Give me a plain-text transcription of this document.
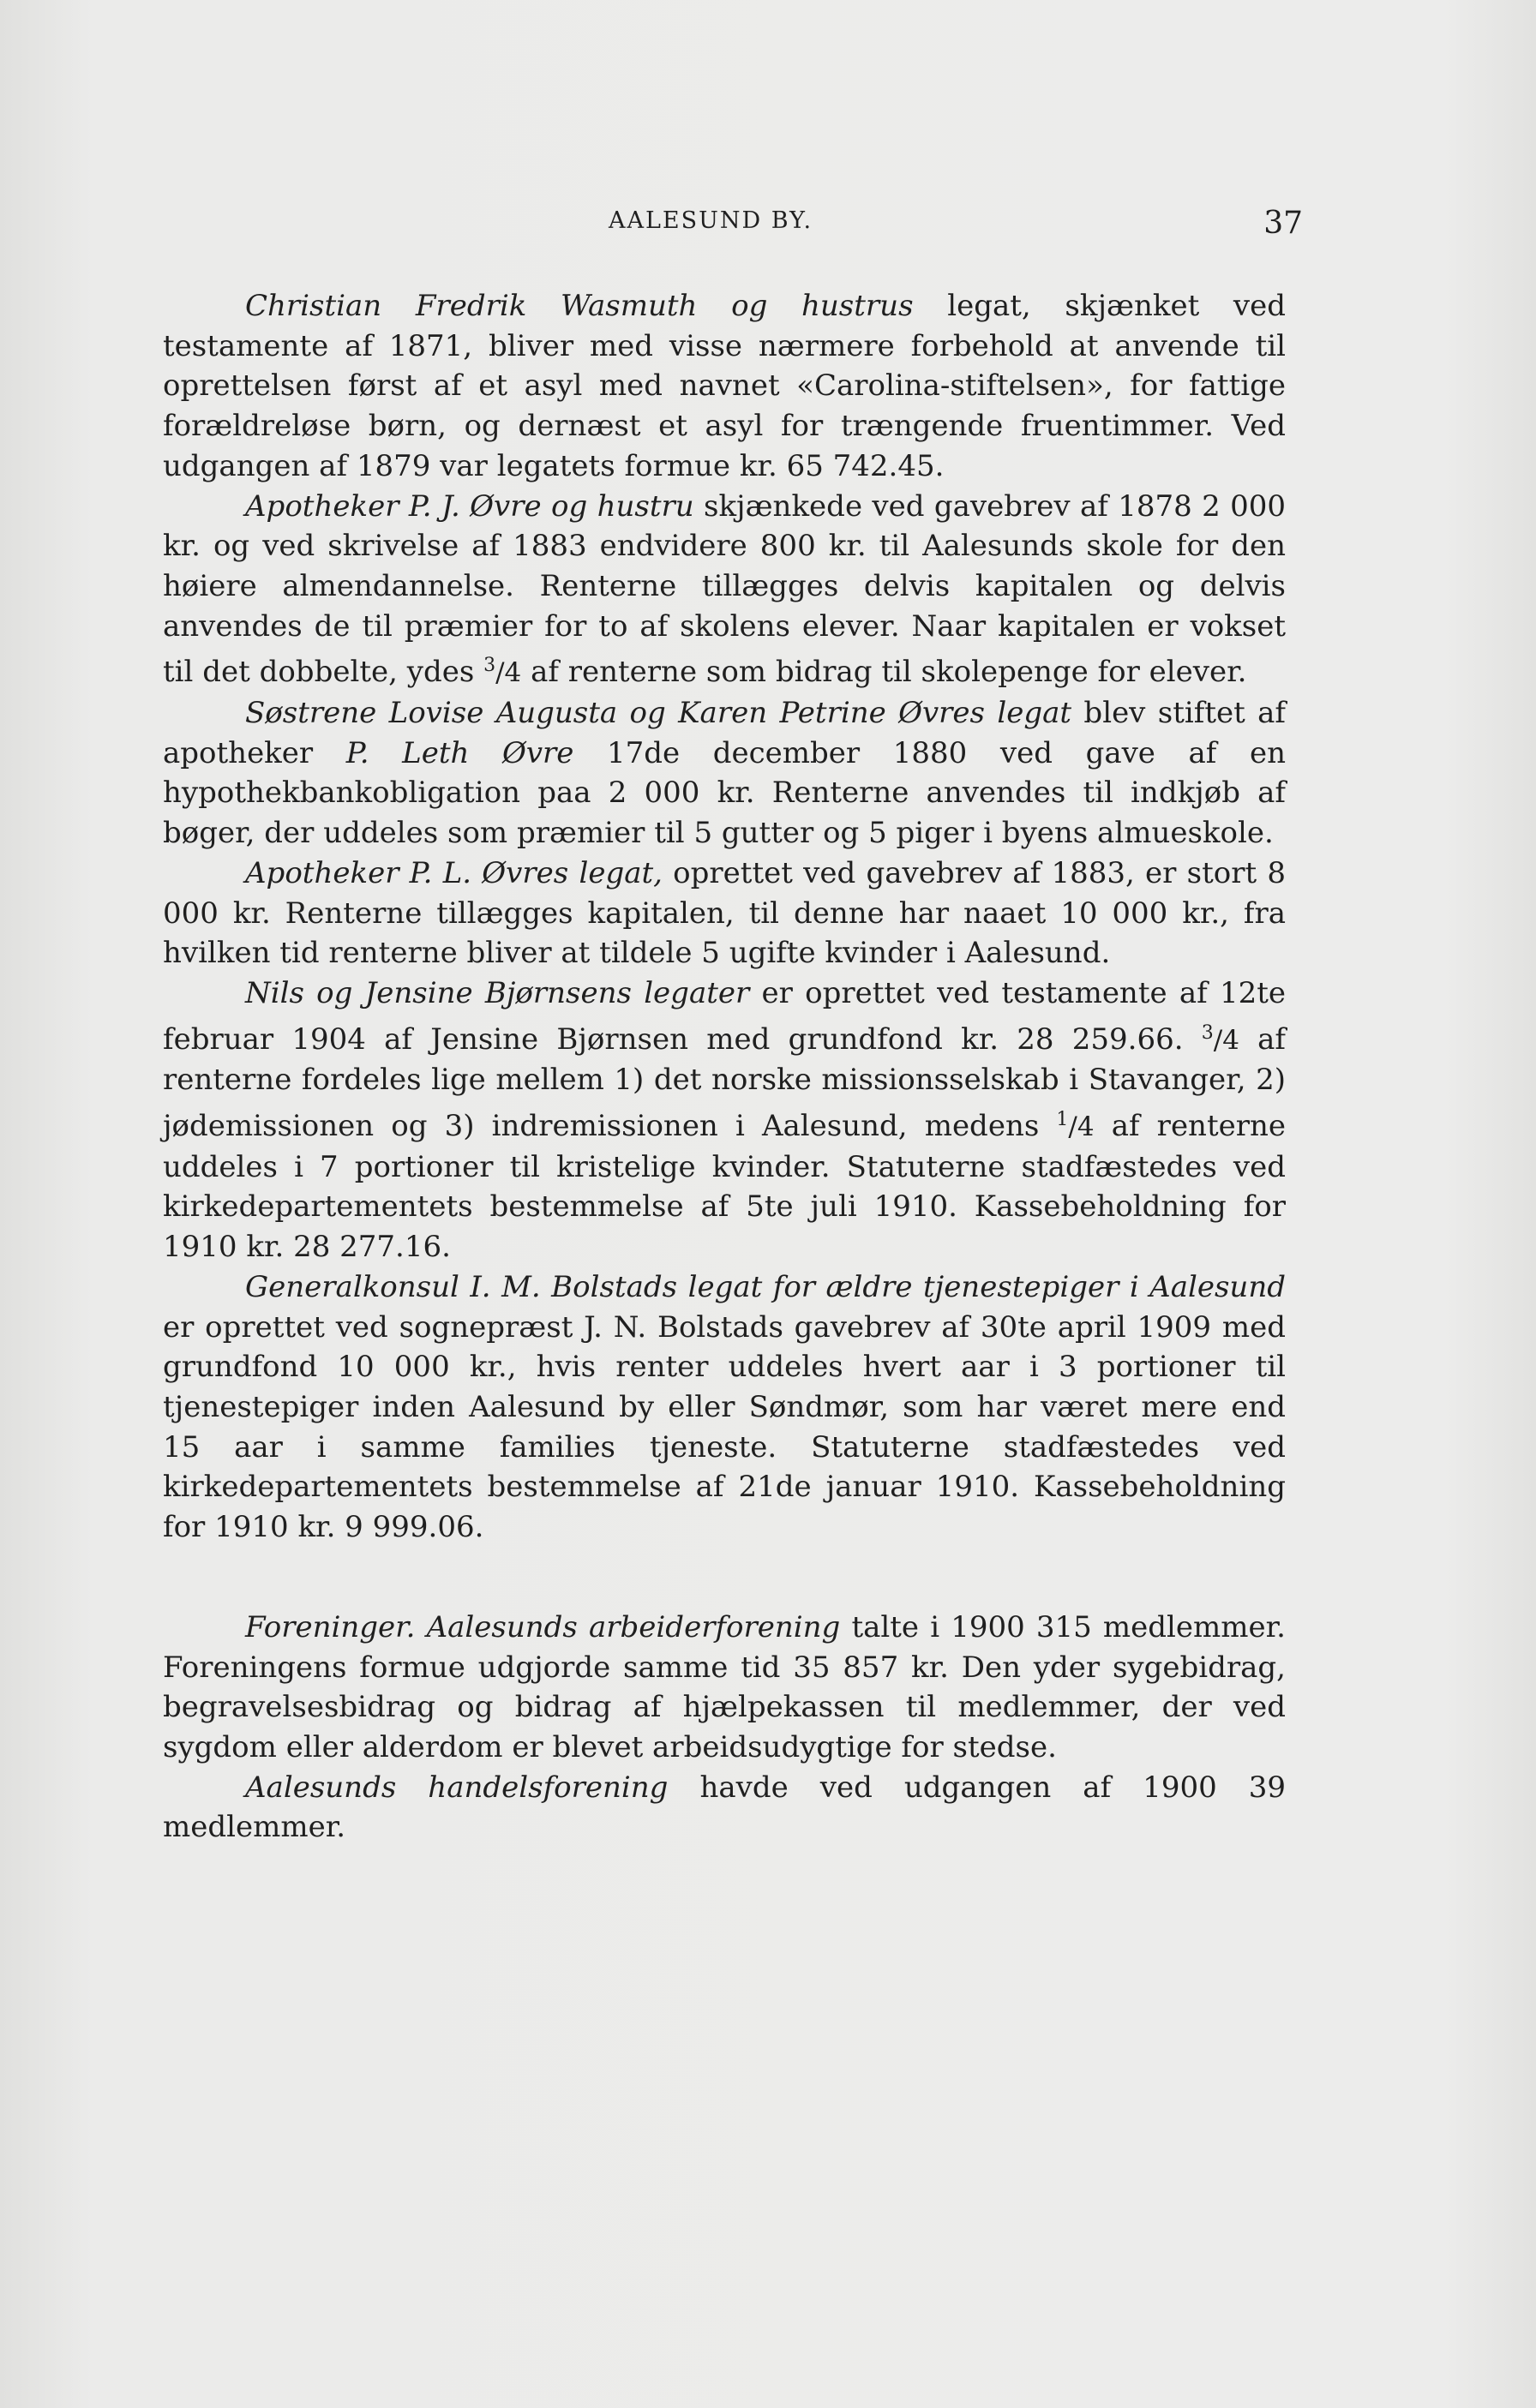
AALESUND BY.	37

Christian Fredrik Wasmuth og hustrus legat, skjænket ved testamente af 1871, bliver med visse nærmere forbehold at anvende til oprettelsen først af et asyl med navnet «Carolina-stiftelsen», for fattige forældreløse børn, og dernæst et asyl for trængende fruentimmer. Ved udgangen af 1879 var legatets formue kr. 65 742.45.

Apotheker P. J. Øvre og hustru skjænkede ved gavebrev af 1878 2 000 kr. og ved skrivelse af 1883 endvidere 800 kr. til Aalesunds skole for den høiere almendannelse. Renterne tillægges delvis kapitalen og delvis anvendes de til præmier for to af skolens elever. Naar kapitalen er vokset til det dobbelte, ydes $^3$/4 af renterne som bidrag til skolepenge for elever.

Søstrene Lovise Augusta og Karen Petrine Øvres legat blev stiftet af apotheker P. Leth Øvre 17de december 1880 ved gave af en hypothekbankobligation paa 2 000 kr. Renterne anvendes til indkjøb af bøger, der uddeles som præmier til 5 gutter og 5 piger i byens almueskole.

Apotheker P. L. Øvres legat, oprettet ved gavebrev af 1883, er stort 8 000 kr. Renterne tillægges kapitalen, til denne har naaet 10 000 kr., fra hvilken tid renterne bliver at tildele 5 ugifte kvinder i Aalesund.

Nils og Jensine Bjørnsens legater er oprettet ved testamente af 12te februar 1904 af Jensine Bjørnsen med grundfond kr. 28 259.66. $^3$/4 af renterne fordeles lige mellem 1) det norske missionsselskab i Stavanger, 2) jødemissionen og 3) indremissionen i Aalesund, medens $^1$/4 af renterne uddeles i 7 portioner til kristelige kvinder. Statuterne stadfæstedes ved kirkedepartementets bestemmelse af 5te juli 1910. Kassebeholdning for 1910 kr. 28 277.16.

Generalkonsul I. M. Bolstads legat for ældre tjenestepiger i Aalesund er oprettet ved sognepræst J. N. Bolstads gavebrev af 30te april 1909 med grundfond 10 000 kr., hvis renter uddeles hvert aar i 3 portioner til tjenestepiger inden Aalesund by eller Søndmør, som har været mere end 15 aar i samme families tjeneste. Statuterne stadfæstedes ved kirkedepartementets bestemmelse af 21de januar 1910. Kassebeholdning for 1910 kr. 9 999.06.

Foreninger. Aalesunds arbeiderforening talte i 1900 315 medlemmer. Foreningens formue udgjorde samme tid 35 857 kr. Den yder sygebidrag, begravelsesbidrag og bidrag af hjælpekassen til medlemmer, der ved sygdom eller alderdom er blevet arbeidsudygtige for stedse.

Aalesunds handelsforening havde ved udgangen af 1900 39 medlemmer.
